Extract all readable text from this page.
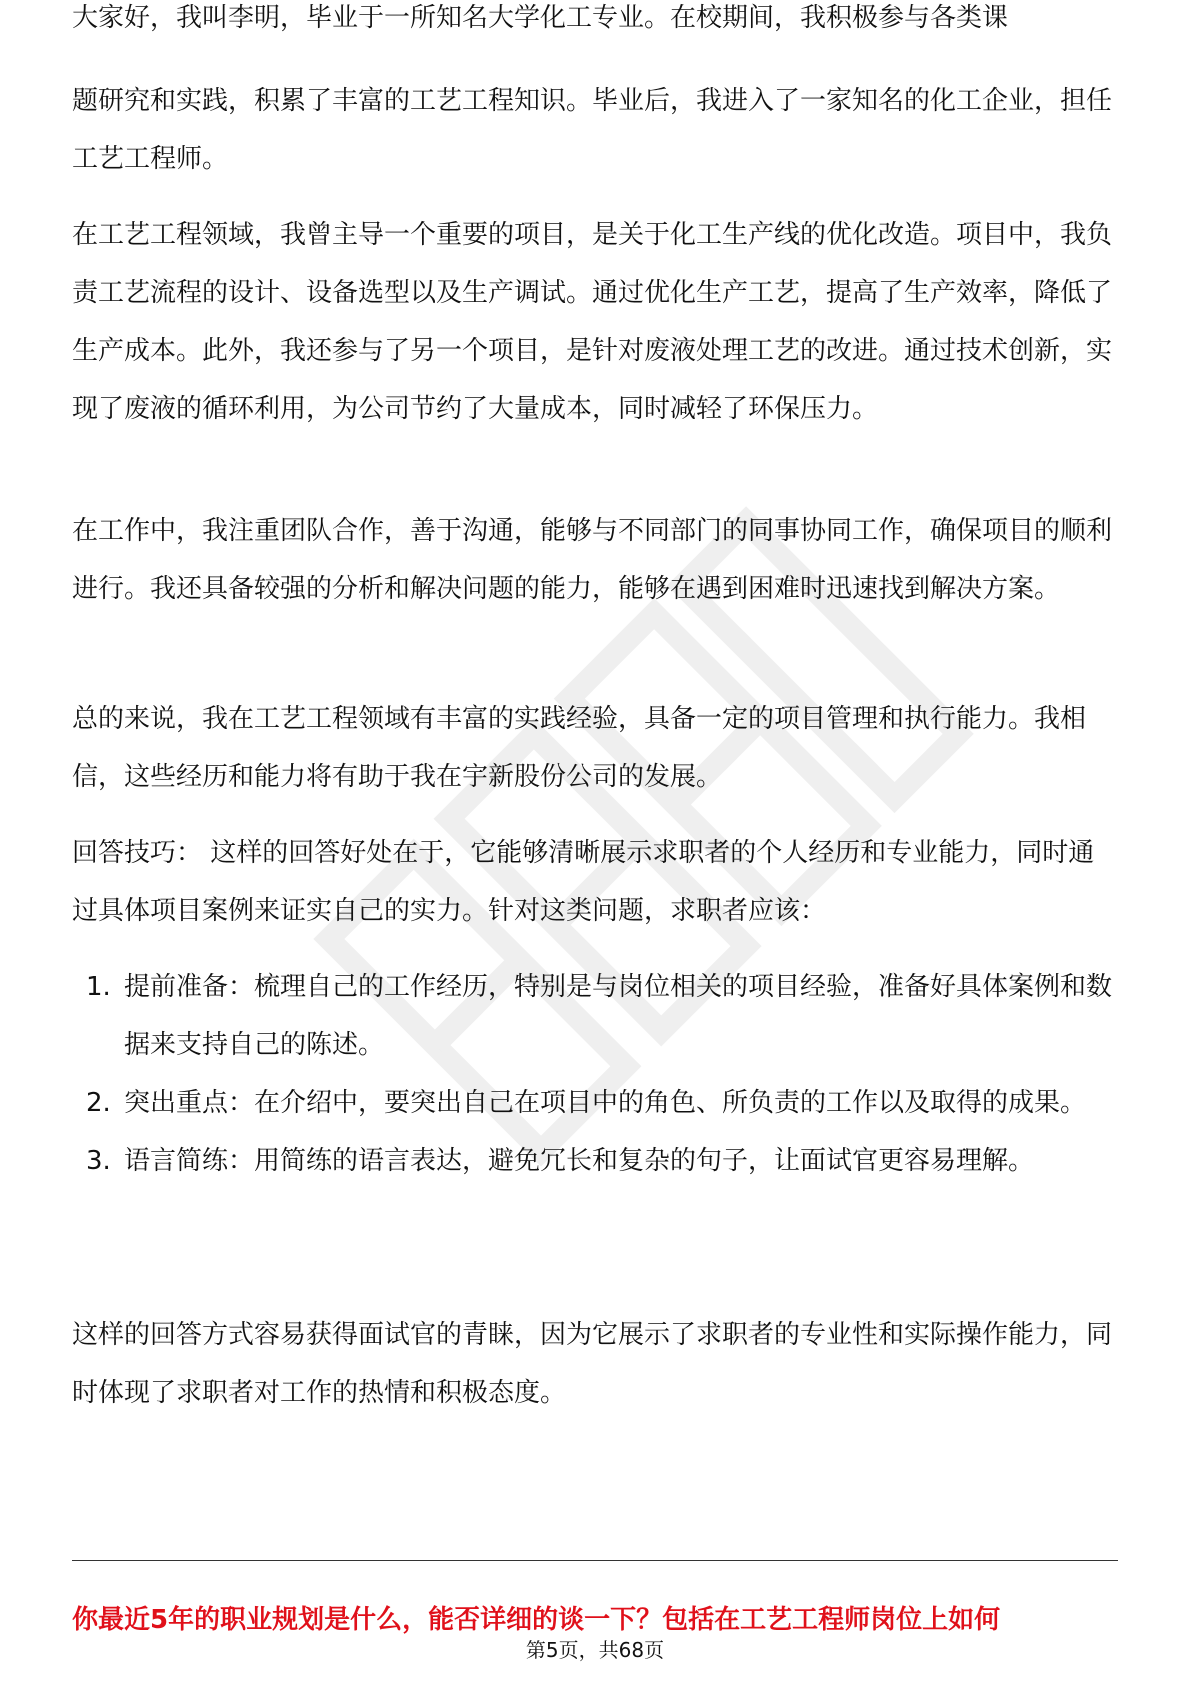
大家好，我叫李明，毕业于一所知名大学化工专业。在校期间，我积极参与各类课

题研究和实践，积累了丰富的工艺工程知识。毕业后，我进入了一家知名的化工企业，担任工艺工程师。

在工艺工程领域，我曾主导一个重要的项目，是关于化工生产线的优化改造。项目中，我负责工艺流程的设计、设备选型以及生产调试。通过优化生产工艺，提高了生产效率，降低了生产成本。此外，我还参与了另一个项目，是针对废液处理工艺的改进。通过技术创新，实现了废液的循环利用，为公司节约了大量成本，同时减轻了环保压力。

在工作中，我注重团队合作，善于沟通，能够与不同部门的同事协同工作，确保项目的顺利进行。我还具备较强的分析和解决问题的能力，能够在遇到困难时迅速找到解决方案。

总的来说，我在工艺工程领域有丰富的实践经验，具备一定的项目管理和执行能力。我相信，这些经历和能力将有助于我在宇新股份公司的发展。

回答技巧： 这样的回答好处在于，它能够清晰展示求职者的个人经历和专业能力，同时通过具体项目案例来证实自己的实力。针对这类问题，求职者应该：

1. 提前准备：梳理自己的工作经历，特别是与岗位相关的项目经验，准备好具体案例和数据来支持自己的陈述。
2. 突出重点：在介绍中，要突出自己在项目中的角色、所负责的工作以及取得的成果。
3. 语言简练：用简练的语言表达，避免冗长和复杂的句子，让面试官更容易理解。

这样的回答方式容易获得面试官的青睐，因为它展示了求职者的专业性和实际操作能力，同时体现了求职者对工作的热情和积极态度。

你最近5年的职业规划是什么，能否详细的谈一下？包括在工艺工程师岗位上如何
第5页，共68页
